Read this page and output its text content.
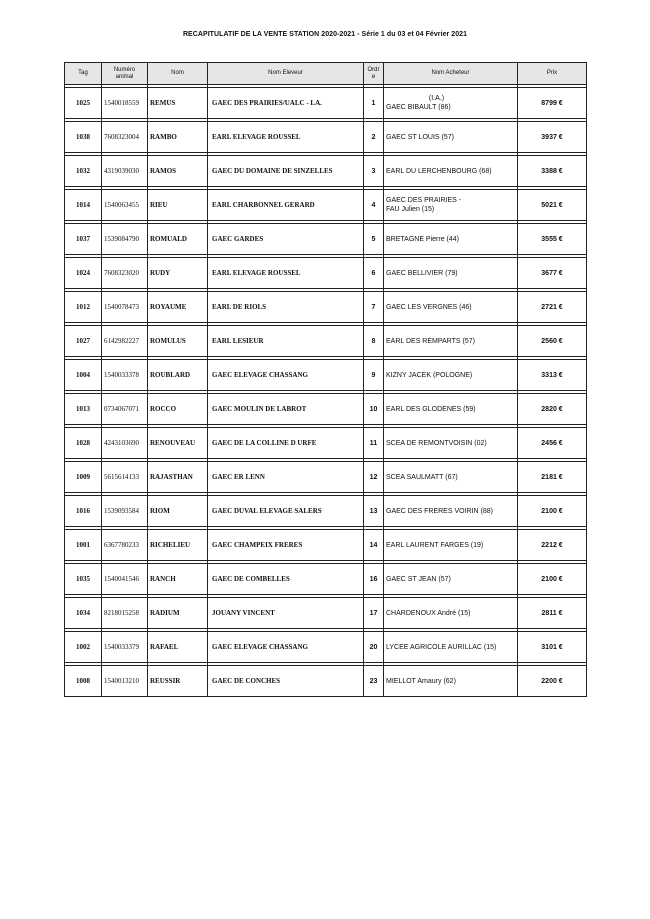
RECAPITULATIF DE LA VENTE STATION 2020-2021 - Série 1 du 03 et 04 Février 2021
Tag	Numéro
animal	Nom	Nom Eleveur	Ordr
e	Nom Acheteur	Prix

1025	1540018559	REMUS	GAEC DES PRAIRIES/UALC - LA.	1	(I.A.)
GAEC BIBAULT (86)	8799 €

1038	7608323004	RAMBO	EARL ELEVAGE ROUSSEL	2	GAEC ST LOUIS (57)	3937 €

1032	4319039030	RAMOS	GAEC DU DOMAINE DE SINZELLES	3	EARL DU LERCHENBOURG (68)	3388 €

1014	1540063455	RIEU	EARL CHARBONNEL GERARD	4	GAEC DES PRAIRIES -
FAU Julien (15)	5021 €

1037	1539084790	ROMUALD	GAEC GARDES	5	BRETAGNE Pierre (44)	3555 €

1024	7608323020	RUDY	EARL ELEVAGE ROUSSEL	6	GAEC BELLIVIER (79)	3677 €

1012	1540078473	ROYAUME	EARL DE RIOLS	7	GAEC LES VERGNES (46)	2721 €

1027	6142982227	ROMULUS	EARL LESIEUR	8	EARL DES REMPARTS (57)	2560 €

1004	1540033378	ROUBLARD	GAEC ELEVAGE CHASSANG	9	KIZNY JACEK (POLOGNE)	3313 €

1013	0734067071	ROCCO	GAEC MOULIN DE LABROT	10	EARL DES GLODENES (59)	2820 €

1028	4243103690	RENOUVEAU	GAEC DE LA COLLINE D URFE	11	SCEA DE REMONTVOISIN (02)	2456 €

1009	5615614133	RAJASTHAN	GAEC ER LENN	12	SCEA SAULMATT (67)	2181 €

1016	1539093584	RIOM	GAEC DUVAL ELEVAGE SALERS	13	GAEC DES FRERES VOIRIN (88)	2100 €

1001	6367780233	RICHELIEU	GAEC CHAMPEIX FRERES	14	EARL LAURENT FARGES (19)	2212 €

1035	1540041546	RANCH	GAEC DE COMBELLES	16	GAEC ST JEAN (57)	2100 €

1034	8218015258	RADIUM	JOUANY VINCENT	17	CHARDENOUX André (15)	2811 €

1002	1540033379	RAFAEL	GAEC ELEVAGE CHASSANG	20	LYCEE AGRICOLE AURILLAC (15)	3101 €

1008	1540013210	REUSSIR	GAEC DE CONCHES	23	MIELLOT Amaury (62)	2200 €
